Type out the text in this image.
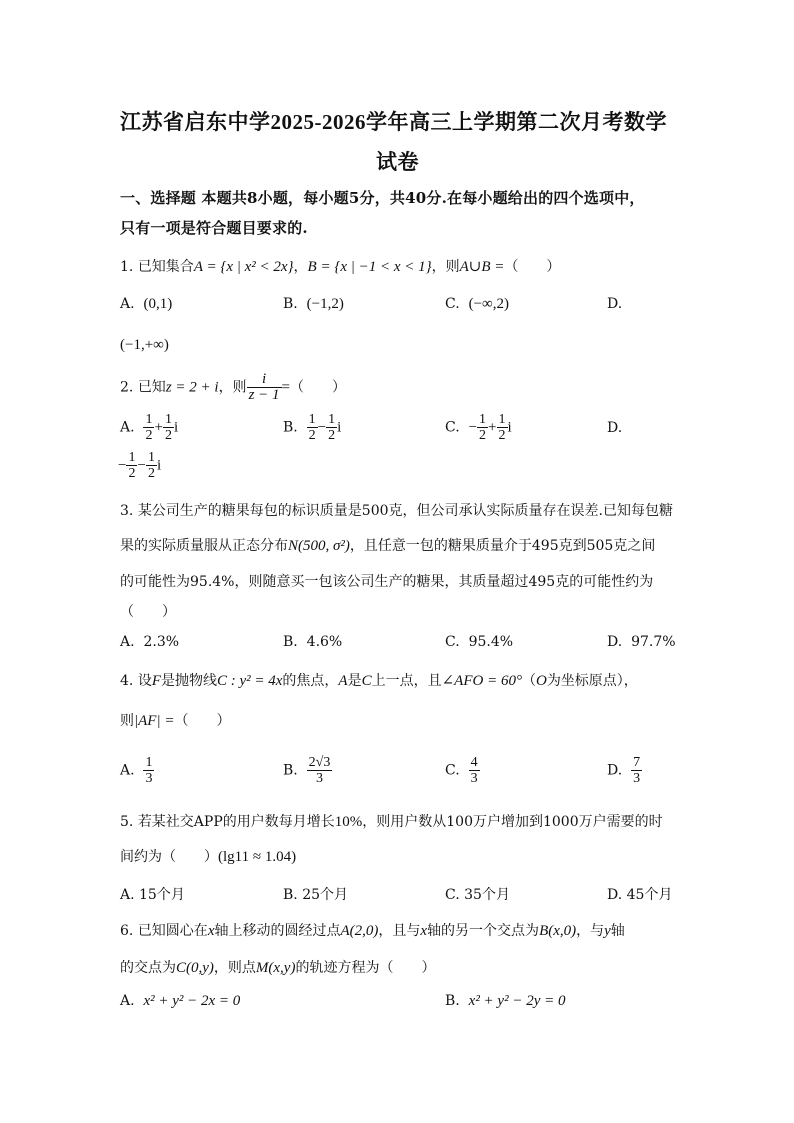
江苏省启东中学2025-2026学年高三上学期第二次月考数学
试卷
一、选择题 本题共8小题，每小题5分，共40分.在每小题给出的四个选项中，
只有一项是符合题目要求的.
1. 已知集合A = {x | x² < 2x}，B = {x | −1 < x < 1}，则A∪B =（　　）
A. (0,1)	B. (−1,2)	C. (−∞,2)	D.
(−1,+∞)
2. 已知z = 2 + i，则 $\frac{i}{z - 1}$ =（　　）
A. $\frac{1}{2} + \frac{1}{2}$ i	B. $\frac{1}{2} - \frac{1}{2}$ i	C. − $\frac{1}{2} + \frac{1}{2}$ i	D.
− $\frac{1}{2} - \frac{1}{2}$ i
3. 某公司生产的糖果每包的标识质量是500克，但公司承认实际质量存在误差.已知每包糖
果的实际质量服从正态分布N(500, σ²)，且任意一包的糖果质量介于495克到505克之间
的可能性为95.4%，则随意买一包该公司生产的糖果，其质量超过495克的可能性约为
（　　）
A. 2.3%	B. 4.6%	C. 95.4%	D. 97.7%
4. 设F是抛物线C : y² = 4x的焦点，A是C上一点，且∠AFO = 60°（O为坐标原点），
则|AF| =（　　）
A. $\frac{1}{3}$	B. $\frac{2√3}{3}$	C. $\frac{4}{3}$	D. $\frac{7}{3}$
5. 若某社交APP的用户数每月增长10%，则用户数从100万户增加到1000万户需要的时
间约为（　　）(lg11 ≈ 1.04)
A. 15个月	B. 25个月	C. 35个月	D. 45个月
6. 已知圆心在x轴上移动的圆经过点A(2,0)，且与x轴的另一个交点为B(x,0)，与y轴
的交点为C(0,y)，则点M(x,y)的轨迹方程为（　　）
A. x² + y² − 2x = 0	B. x² + y² − 2y = 0
